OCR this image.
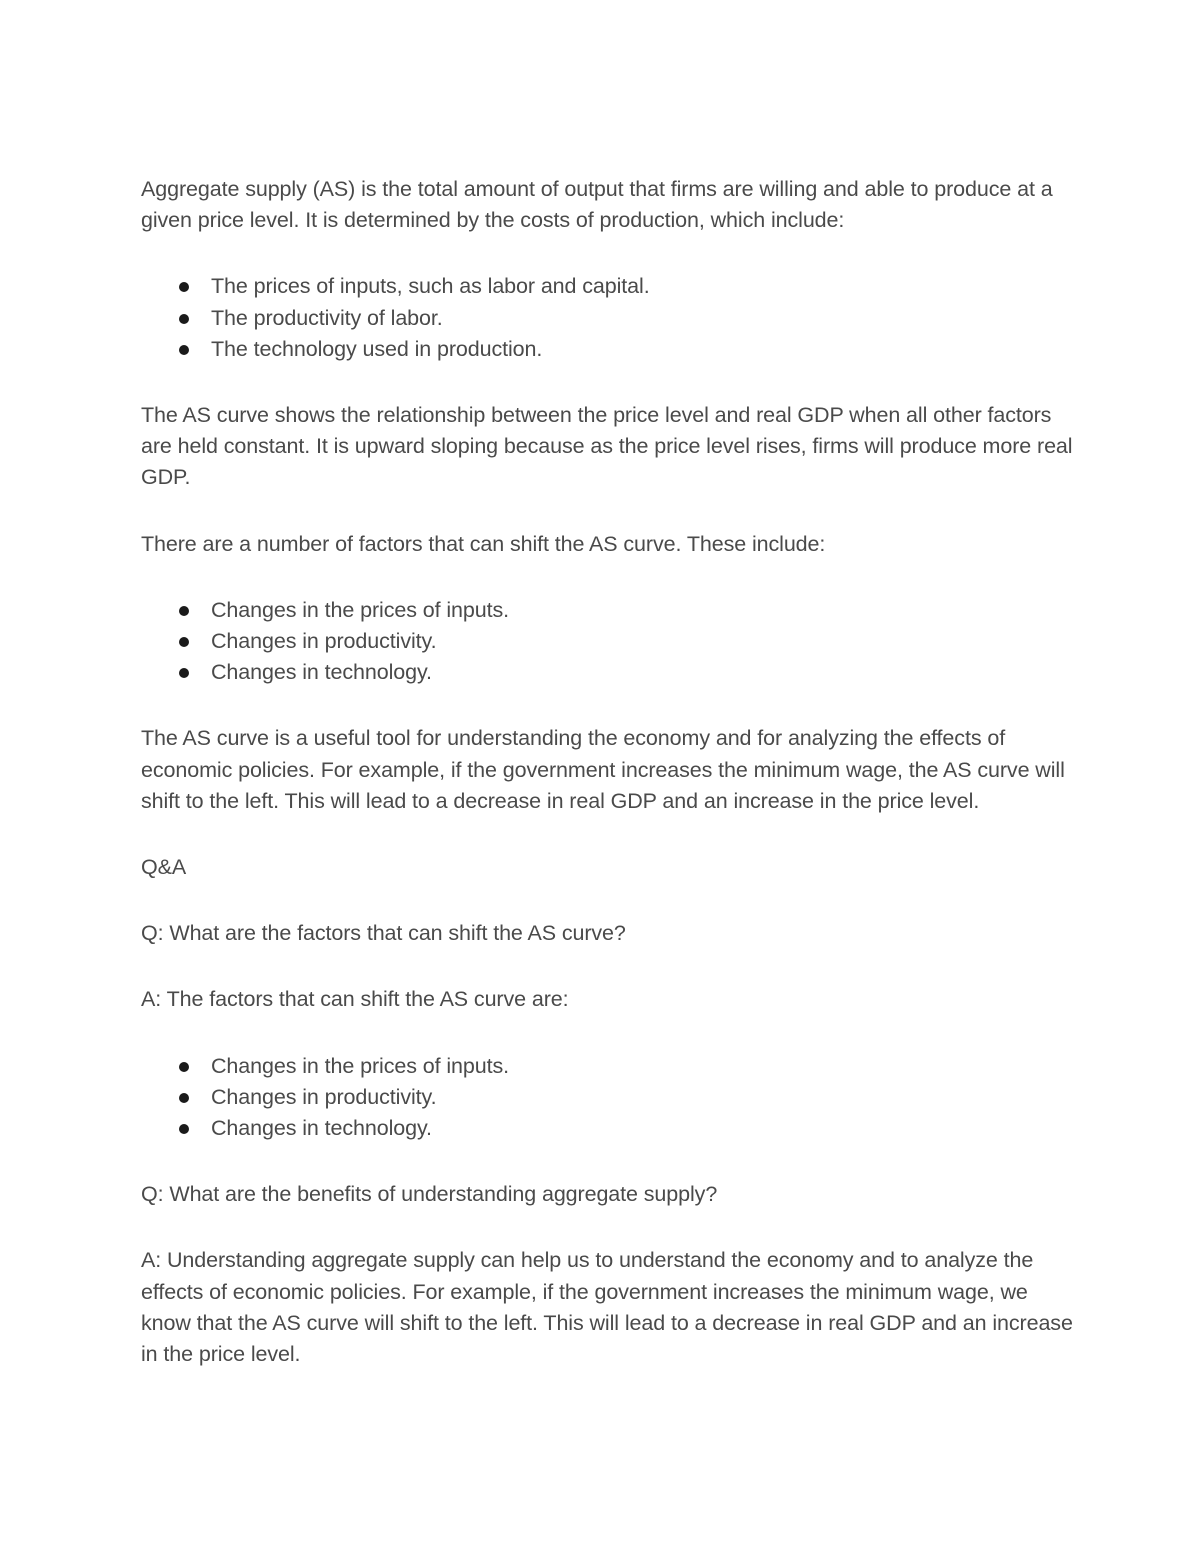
Aggregate supply (AS) is the total amount of output that firms are willing and able to produce at a given price level. It is determined by the costs of production, which include:

The prices of inputs, such as labor and capital.
The productivity of labor.
The technology used in production.

The AS curve shows the relationship between the price level and real GDP when all other factors are held constant. It is upward sloping because as the price level rises, firms will produce more real GDP.

There are a number of factors that can shift the AS curve. These include:

Changes in the prices of inputs.
Changes in productivity.
Changes in technology.

The AS curve is a useful tool for understanding the economy and for analyzing the effects of economic policies. For example, if the government increases the minimum wage, the AS curve will shift to the left. This will lead to a decrease in real GDP and an increase in the price level.

Q&A

Q: What are the factors that can shift the AS curve?

A: The factors that can shift the AS curve are:

Changes in the prices of inputs.
Changes in productivity.
Changes in technology.

Q: What are the benefits of understanding aggregate supply?

A: Understanding aggregate supply can help us to understand the economy and to analyze the effects of economic policies. For example, if the government increases the minimum wage, we know that the AS curve will shift to the left. This will lead to a decrease in real GDP and an increase in the price level.
